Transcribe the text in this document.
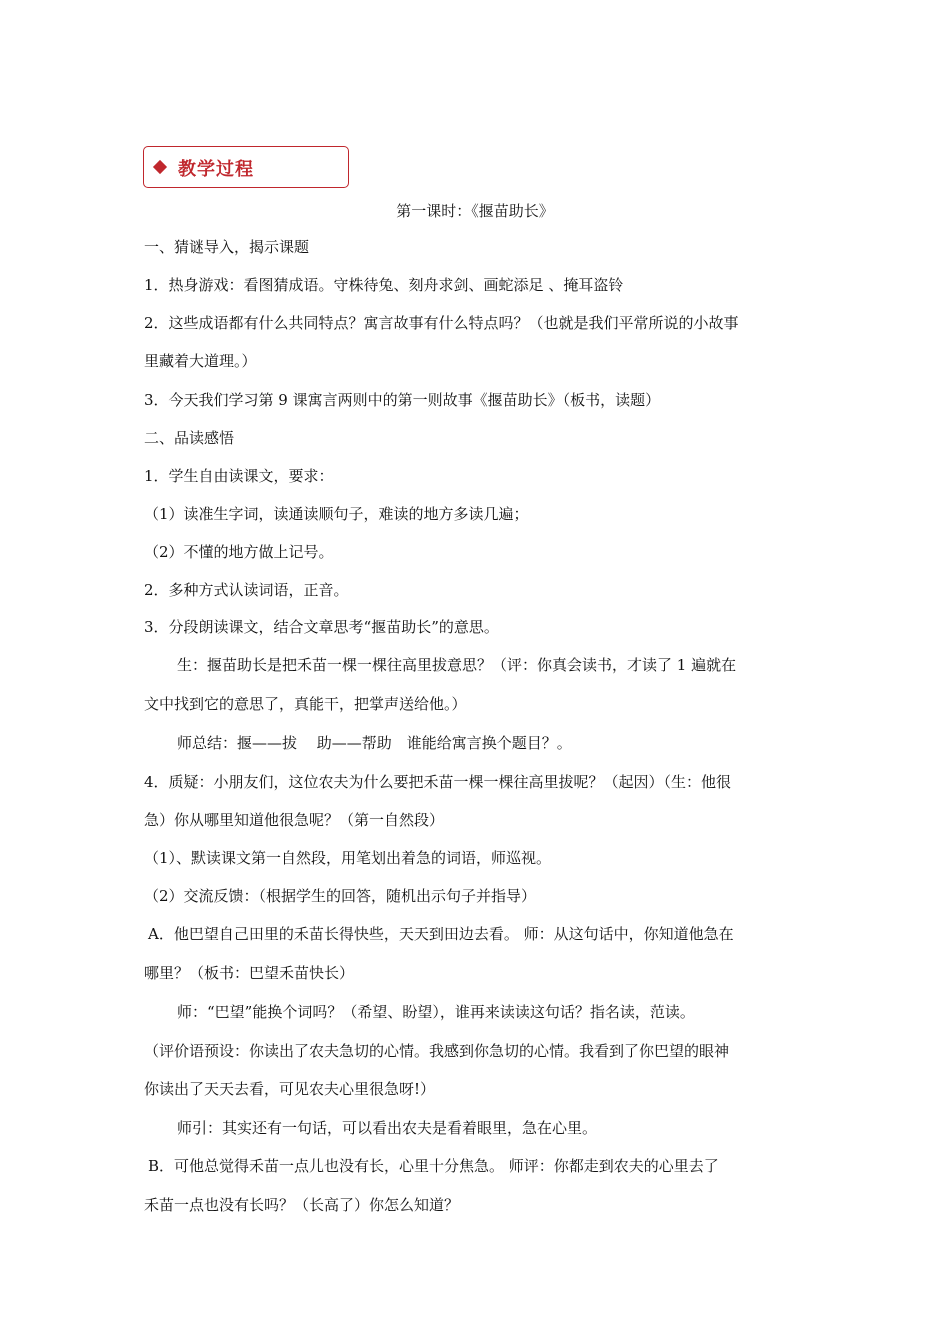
教学过程
第一课时：《揠苗助长》
一、猜谜导入，揭示课题
1．热身游戏：看图猜成语。守株待兔、刻舟求剑、画蛇添足 、掩耳盗铃
2．这些成语都有什么共同特点？寓言故事有什么特点吗？（也就是我们平常所说的小故事
里藏着大道理。）
3．今天我们学习第 9 课寓言两则中的第一则故事《揠苗助长》（板书，读题）
二、品读感悟
1．学生自由读课文，要求：
（1）读准生字词，读通读顺句子，难读的地方多读几遍；
（2）不懂的地方做上记号。
2．多种方式认读词语，正音。
3．分段朗读课文，结合文章思考“揠苗助长”的意思。
生：揠苗助长是把禾苗一棵一棵往高里拔意思？（评：你真会读书，才读了 1 遍就在
文中找到它的意思了，真能干，把掌声送给他。）
师总结：揠——拔　 助——帮助　谁能给寓言换个题目？。
4．质疑：小朋友们，这位农夫为什么要把禾苗一棵一棵往高里拔呢？（起因）（生：他很
急）你从哪里知道他很急呢？（第一自然段）
（1）、默读课文第一自然段，用笔划出着急的词语，师巡视。
（2）交流反馈：（根据学生的回答，随机出示句子并指导）
A．他巴望自己田里的禾苗长得快些，天天到田边去看。 师：从这句话中，你知道他急在
哪里？（板书：巴望禾苗快长）
师：“巴望”能换个词吗？（希望、盼望），谁再来读读这句话？指名读，范读。
（评价语预设：你读出了农夫急切的心情。我感到你急切的心情。我看到了你巴望的眼神
你读出了天天去看，可见农夫心里很急呀!）
师引：其实还有一句话，可以看出农夫是看着眼里，急在心里。
B．可他总觉得禾苗一点儿也没有长，心里十分焦急。 师评：你都走到农夫的心里去了
禾苗一点也没有长吗？（长高了）你怎么知道？
